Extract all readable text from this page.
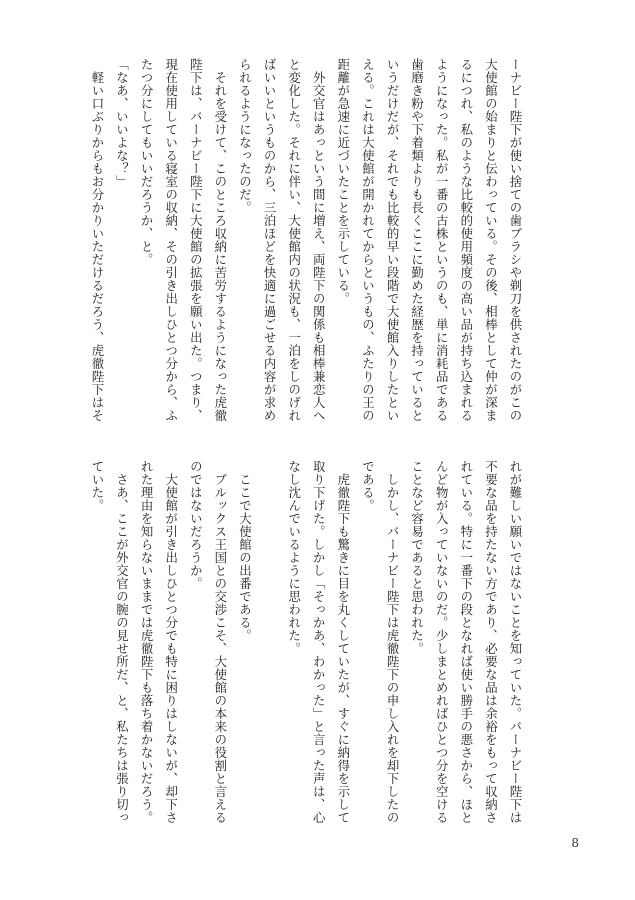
ーナビー陛下が使い捨ての歯ブラシや剃刀を供されたのがこの

大使館の始まりと伝わっている。その後、相棒として仲が深ま

るにつれ、私のような比較的使用頻度の高い品が持ち込まれる

ようになった。私が一番の古株というのも、単に消耗品である

歯磨き粉や下着類よりも長くここに勤めた経歴を持っていると

いうだけだが、それでも比較的早い段階で大使館入りしたとい

える。これは大使館が開かれてからというもの、ふたりの王の

距離が急速に近づいたことを示している。

　外交官はあっという間に増え、両陛下の関係も相棒兼恋人へ

と変化した。それに伴い、大使館内の状況も、一泊をしのげれ

ばいいというものから、三泊ほどを快適に過ごせる内容が求め

られるようになったのだ。

　それを受けて、このところ収納に苦労するようになった虎徹

陛下は、バーナビー陛下に大使館の拡張を願い出た。つまり、

現在使用している寝室の収納、その引き出しひとつ分から、ふ

たつ分にしてもいいだろうか、と。

「なあ、いいよな？」

　軽い口ぶりからもお分かりいただけるだろう、虎徹陛下はそ

れが難しい願いではないことを知っていた。バーナビー陛下は

不要な品を持たない方であり、必要な品は余裕をもって収納さ

れている。特に一番下の段となれば使い勝手の悪さから、ほと

んど物が入っていないのだ。少しまとめればひとつ分を空ける

ことなど容易であると思われた。

　しかし、バーナビー陛下は虎徹陛下の申し入れを却下したの

である。

　虎徹陛下も驚きに目を丸くしていたが、すぐに納得を示して

取り下げた。しかし「そっかあ、わかった」と言った声は、心

なし沈んでいるように思われた。

　ここで大使館の出番である。

　ブルックス王国との交渉こそ、大使館の本来の役割と言える

のではないだろうか。

　大使館が引き出しひとつ分でも特に困りはしないが、却下さ

れた理由を知らないままでは虎徹陛下も落ち着かないだろう。

　さあ、ここが外交官の腕の見せ所だ、と、私たちは張り切っ

ていた。

8
